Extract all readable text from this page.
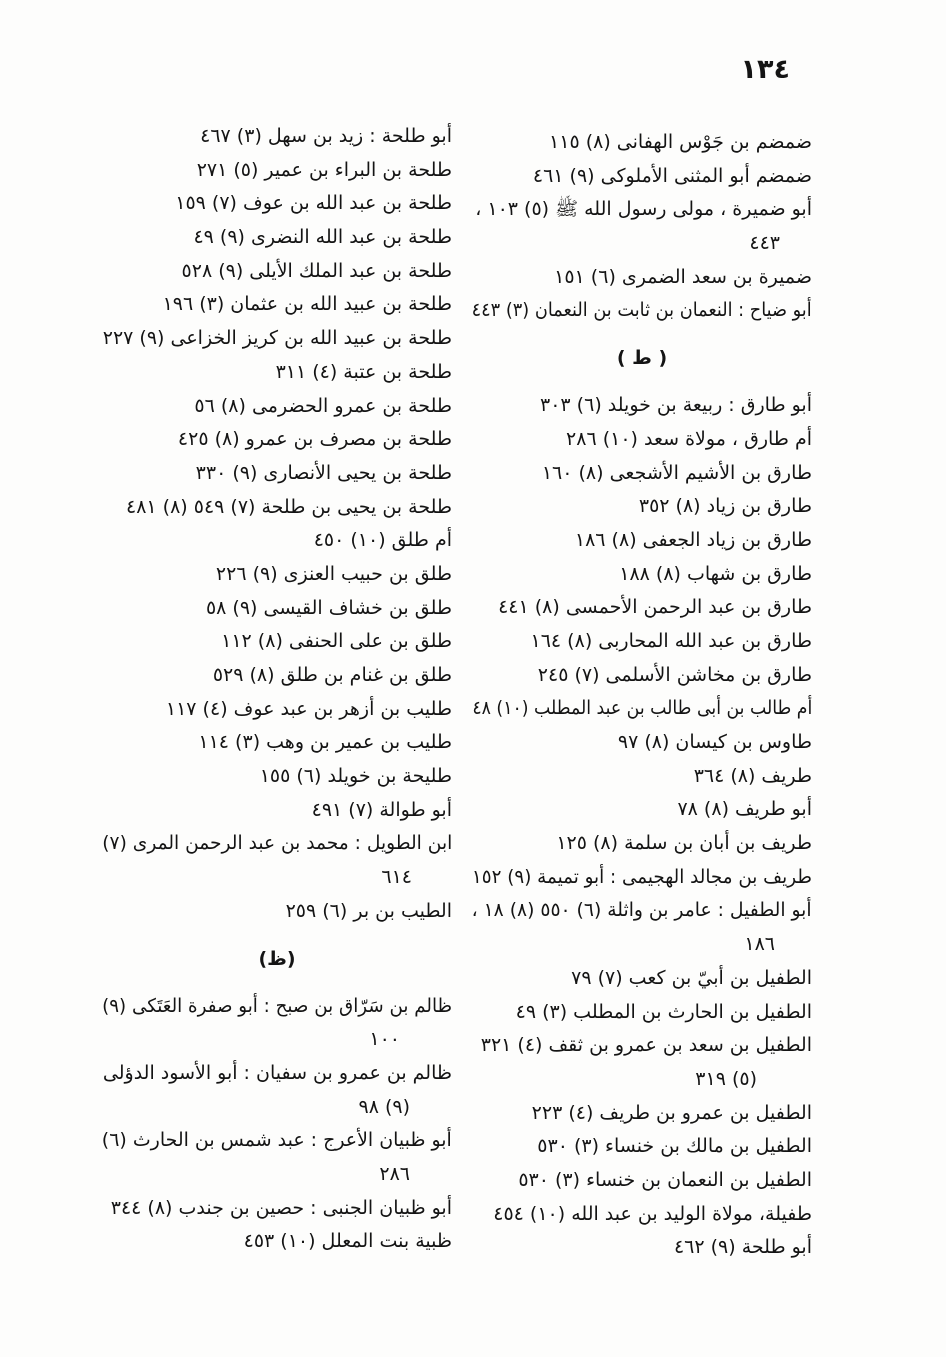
١٣٤
ضمضم بن جَوْس الهفانى (٨) ١١٥
ضمضم أبو المثنى الأملوكى (٩) ٤٦١
أبو ضميرة ، مولى رسول الله ﷺ (٥) ١٠٣ ،
٤٤٣
ضميرة بن سعد الضمرى (٦) ١٥١
أبو ضياح : النعمان بن ثابت بن النعمان (٣) ٤٤٣
( ط )
أبو طارق : ربيعة بن خويلد (٦) ٣٠٣
أم طارق ، مولاة سعد (١٠) ٢٨٦
طارق بن الأشيم الأشجعى (٨) ١٦٠
طارق بن زياد (٨) ٣٥٢
طارق بن زياد الجعفى (٨) ١٨٦
طارق بن شهاب (٨) ١٨٨
طارق بن عبد الرحمن الأحمسى (٨) ٤٤١
طارق بن عبد الله المحاربى (٨) ١٦٤
طارق بن مخاشن الأسلمى (٧) ٢٤٥
أم طالب بن أبى طالب بن عبد المطلب (١٠) ٤٨
طاوس بن كيسان (٨) ٩٧
طريف (٨) ٣٦٤
أبو طريف (٨) ٧٨
طريف بن أبان بن سلمة (٨) ١٢٥
طريف بن مجالد الهجيمى : أبو تميمة (٩) ١٥٢
أبو الطفيل : عامر بن واثلة (٦) ٥٥٠ (٨) ١٨ ،
١٨٦
الطفيل بن أبيّ بن كعب (٧) ٧٩
الطفيل بن الحارث بن المطلب (٣) ٤٩
الطفيل بن سعد بن عمرو بن ثقف (٤) ٣٢١
(٥) ٣١٩
الطفيل بن عمرو بن طريف (٤) ٢٢٣
الطفيل بن مالك بن خنساء (٣) ٥٣٠
الطفيل بن النعمان بن خنساء (٣) ٥٣٠
طفيلة، مولاة الوليد بن عبد الله (١٠) ٤٥٤
أبو طلحة (٩) ٤٦٢
أبو طلحة : زيد بن سهل (٣) ٤٦٧
طلحة بن البراء بن عمير (٥) ٢٧١
طلحة بن عبد الله بن عوف (٧) ١٥٩
طلحة بن عبد الله النضرى (٩) ٤٩
طلحة بن عبد الملك الأيلى (٩) ٥٢٨
طلحة بن عبيد الله بن عثمان (٣) ١٩٦
طلحة بن عبيد الله بن كريز الخزاعى (٩) ٢٢٧
طلحة بن عتبة (٤) ٣١١
طلحة بن عمرو الحضرمى (٨) ٥٦
طلحة بن مصرف بن عمرو (٨) ٤٢٥
طلحة بن يحيى الأنصارى (٩) ٣٣٠
طلحة بن يحيى بن طلحة (٧) ٥٤٩ (٨) ٤٨١
أم طلق (١٠) ٤٥٠
طلق بن حبيب العنزى (٩) ٢٢٦
طلق بن خشاف القيسى (٩) ٥٨
طلق بن على الحنفى (٨) ١١٢
طلق بن غنام بن طلق (٨) ٥٢٩
طليب بن أزهر بن عبد عوف (٤) ١١٧
طليب بن عمير بن وهب (٣) ١١٤
طليحة بن خويلد (٦) ١٥٥
أبو طوالة (٧) ٤٩١
ابن الطويل : محمد بن عبد الرحمن المرى (٧)
٦١٤
الطيب بن بر (٦) ٢٥٩
(ظ)
ظالم بن سَرّاق بن صبح : أبو صفرة العَتَكى (٩)
١٠٠
ظالم بن عمرو بن سفيان : أبو الأسود الدؤلى
(٩) ٩٨
أبو ظبيان الأعرج : عبد شمس بن الحارث (٦)
٢٨٦
أبو ظبيان الجنبى : حصين بن جندب (٨) ٣٤٤
ظبية بنت المعلل (١٠) ٤٥٣
